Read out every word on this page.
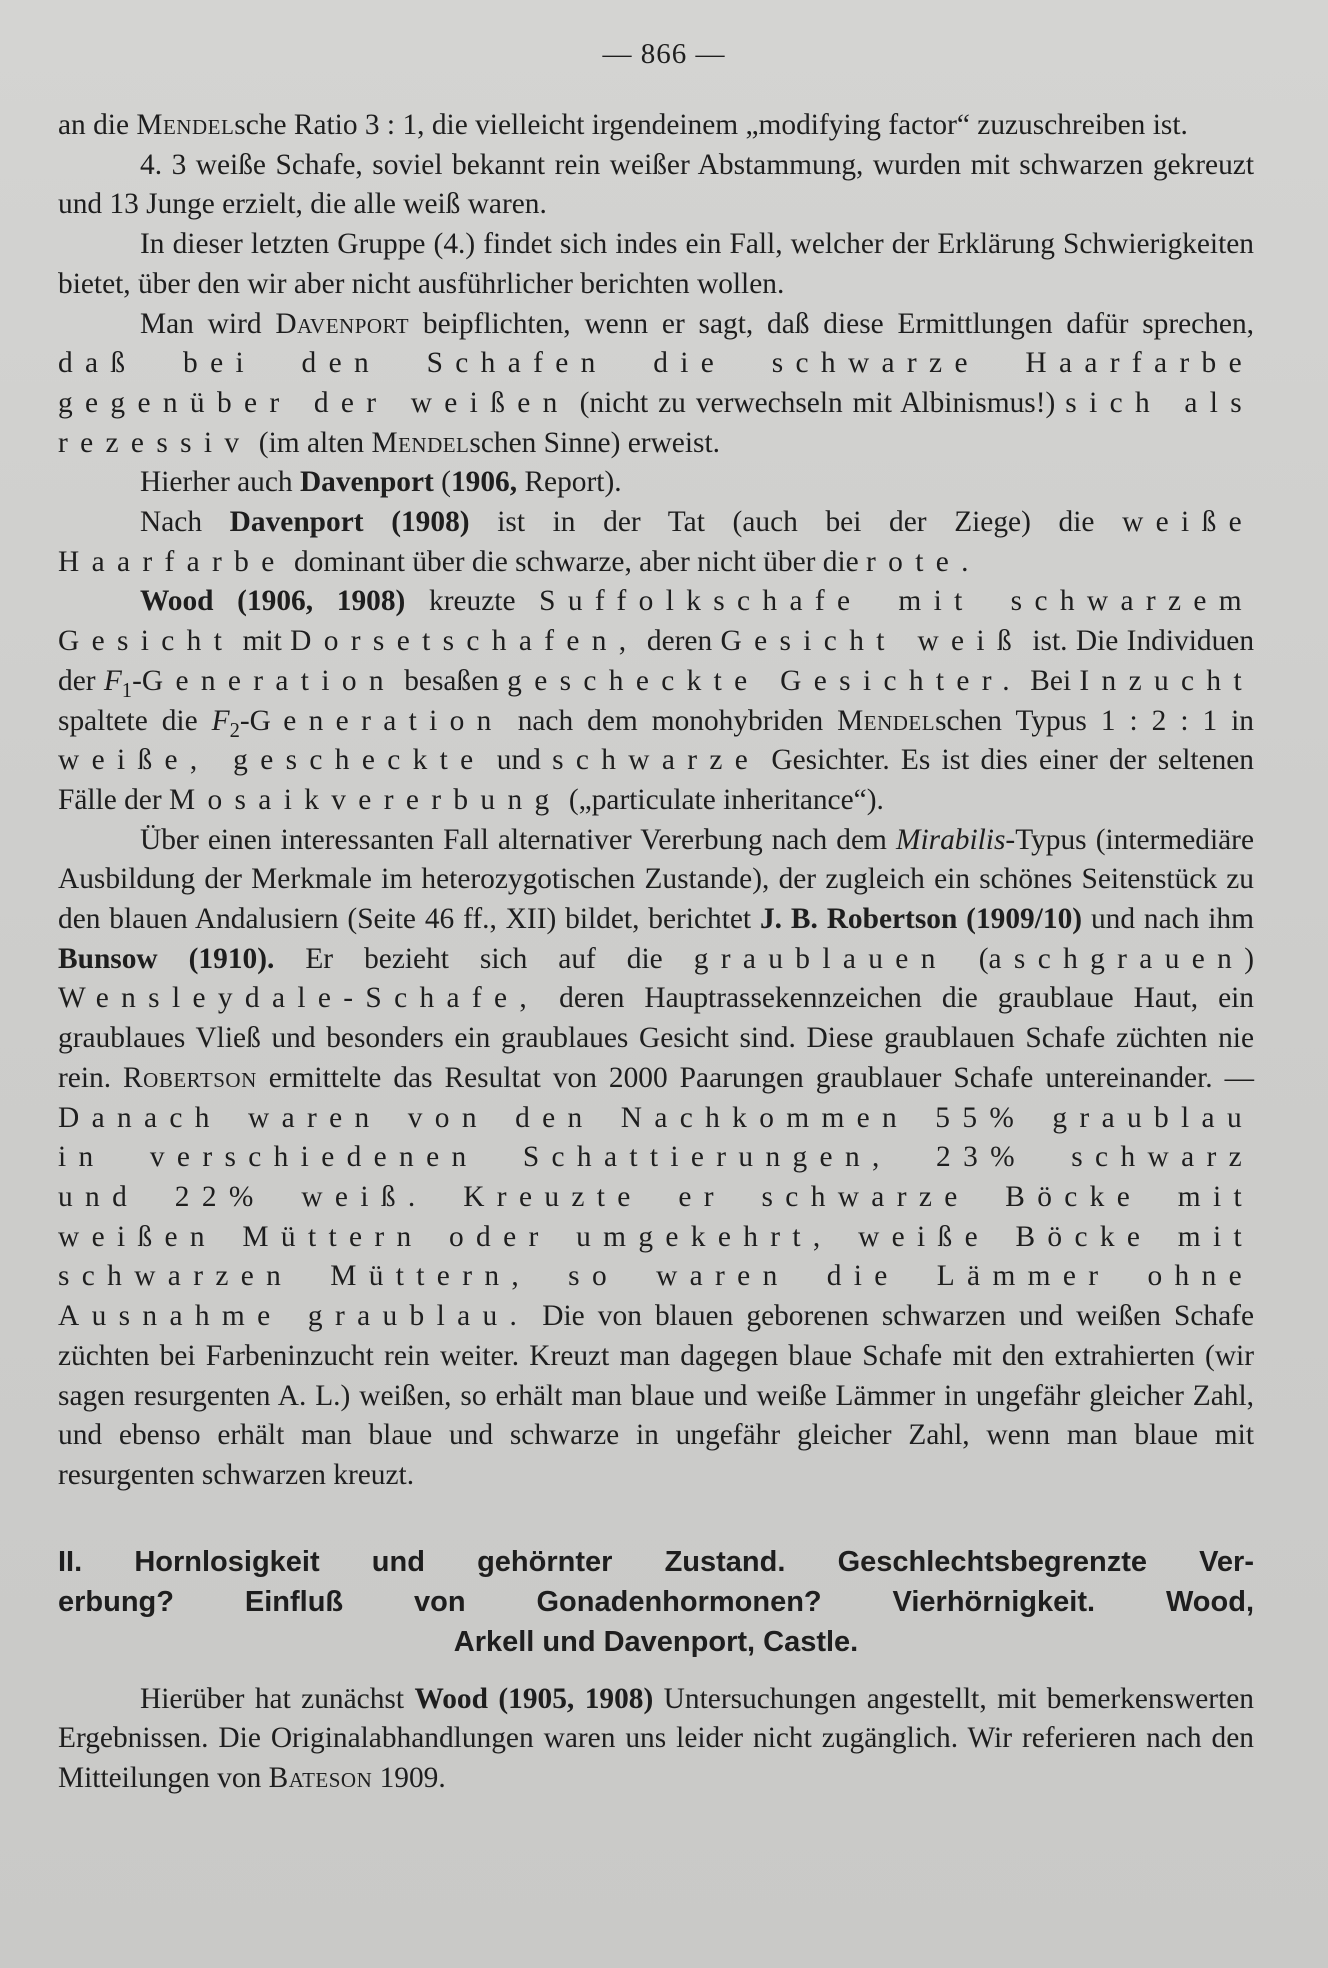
— 866 —

an die Mendelsche Ratio 3 : 1, die vielleicht irgendeinem „modifying factor“ zuzuschreiben ist.

4. 3 weiße Schafe, soviel bekannt rein weißer Abstammung, wurden mit schwarzen gekreuzt und 13 Junge erzielt, die alle weiß waren.

In dieser letzten Gruppe (4.) findet sich indes ein Fall, welcher der Erklärung Schwierigkeiten bietet, über den wir aber nicht ausführlicher berichten wollen.

Man wird Davenport beipflichten, wenn er sagt, daß diese Ermittlungen dafür sprechen, daß bei den Schafen die schwarze Haarfarbe gegenüber der weißen (nicht zu verwechseln mit Albinismus!) sich als rezessiv (im alten Mendelschen Sinne) erweist.

Hierher auch Davenport (1906, Report).

Nach Davenport (1908) ist in der Tat (auch bei der Ziege) die weiße Haarfarbe dominant über die schwarze, aber nicht über die rote.

Wood (1906, 1908) kreuzte Suffolkschafe mit schwarzem Gesicht mit Dorsetschafen, deren Gesicht weiß ist. Die Individuen der $F_1$-Generation besaßen gescheckte Gesichter. Bei Inzucht spaltete die $F_2$-Generation nach dem monohybriden Mendelschen Typus 1 : 2 : 1 in weiße, gescheckte und schwarze Gesichter. Es ist dies einer der seltenen Fälle der Mosaikvererbung („particulate inheritance“).

Über einen interessanten Fall alternativer Vererbung nach dem Mirabilis-Typus (intermediäre Ausbildung der Merkmale im heterozygotischen Zustande), der zugleich ein schönes Seitenstück zu den blauen Andalusiern (Seite 46 ff., XII) bildet, berichtet J. B. Robertson (1909/10) und nach ihm Bunsow (1910). Er bezieht sich auf die graublauen (aschgrauen) Wensleydale-Schafe, deren Hauptrassekennzeichen die graublaue Haut, ein graublaues Vließ und besonders ein graublaues Gesicht sind. Diese graublauen Schafe züchten nie rein. Robertson ermittelte das Resultat von 2000 Paarungen graublauer Schafe untereinander. — Danach waren von den Nachkommen 55% graublau in verschiedenen Schattierungen, 23% schwarz und 22% weiß. Kreuzte er schwarze Böcke mit weißen Müttern oder umgekehrt, weiße Böcke mit schwarzen Müttern, so waren die Lämmer ohne Ausnahme graublau. Die von blauen geborenen schwarzen und weißen Schafe züchten bei Farbeninzucht rein weiter. Kreuzt man dagegen blaue Schafe mit den extrahierten (wir sagen resurgenten A. L.) weißen, so erhält man blaue und weiße Lämmer in ungefähr gleicher Zahl, und ebenso erhält man blaue und schwarze in ungefähr gleicher Zahl, wenn man blaue mit resurgenten schwarzen kreuzt.

II. Hornlosigkeit und gehörnter Zustand. Geschlechtsbegrenzte Ver-
erbung? Einfluß von Gonadenhormonen? Vierhörnigkeit. Wood,
Arkell und Davenport, Castle.

Hierüber hat zunächst Wood (1905, 1908) Untersuchungen angestellt, mit bemerkenswerten Ergebnissen. Die Originalabhandlungen waren uns leider nicht zugänglich. Wir referieren nach den Mitteilungen von Bateson 1909.
